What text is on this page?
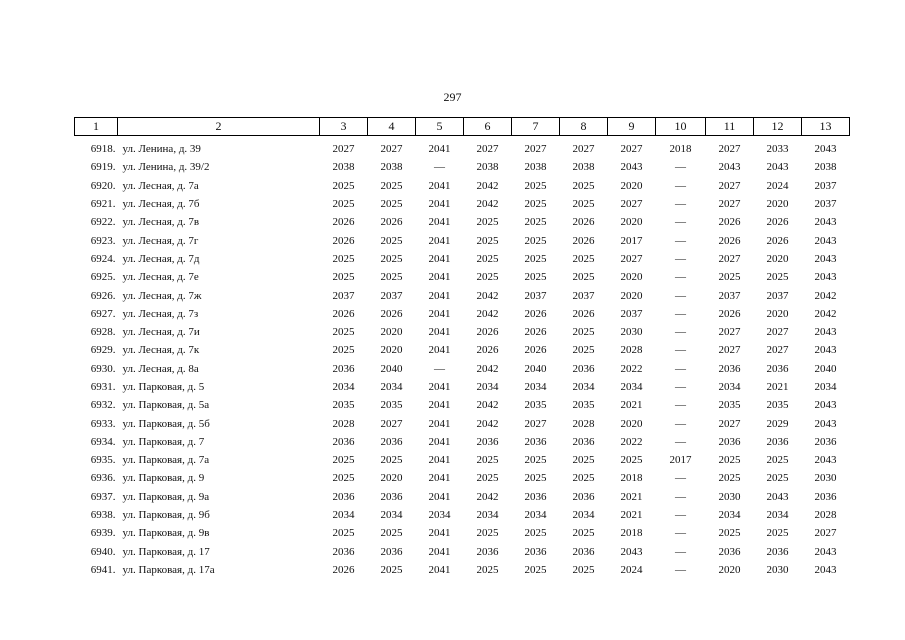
297
1	2	3	4	5	6	7	8	9	10	11	12	13
6918.	ул. Ленина, д. 39	2027	2027	2041	2027	2027	2027	2027	2018	2027	2033	2043
6919.	ул. Ленина, д. 39/2	2038	2038	—	2038	2038	2038	2043	—	2043	2043	2038
6920.	ул. Лесная, д. 7а	2025	2025	2041	2042	2025	2025	2020	—	2027	2024	2037
6921.	ул. Лесная, д. 7б	2025	2025	2041	2042	2025	2025	2027	—	2027	2020	2037
6922.	ул. Лесная, д. 7в	2026	2026	2041	2025	2025	2026	2020	—	2026	2026	2043
6923.	ул. Лесная, д. 7г	2026	2025	2041	2025	2025	2026	2017	—	2026	2026	2043
6924.	ул. Лесная, д. 7д	2025	2025	2041	2025	2025	2025	2027	—	2027	2020	2043
6925.	ул. Лесная, д. 7е	2025	2025	2041	2025	2025	2025	2020	—	2025	2025	2043
6926.	ул. Лесная, д. 7ж	2037	2037	2041	2042	2037	2037	2020	—	2037	2037	2042
6927.	ул. Лесная, д. 7з	2026	2026	2041	2042	2026	2026	2037	—	2026	2020	2042
6928.	ул. Лесная, д. 7и	2025	2020	2041	2026	2026	2025	2030	—	2027	2027	2043
6929.	ул. Лесная, д. 7к	2025	2020	2041	2026	2026	2025	2028	—	2027	2027	2043
6930.	ул. Лесная, д. 8а	2036	2040	—	2042	2040	2036	2022	—	2036	2036	2040
6931.	ул. Парковая, д. 5	2034	2034	2041	2034	2034	2034	2034	—	2034	2021	2034
6932.	ул. Парковая, д. 5а	2035	2035	2041	2042	2035	2035	2021	—	2035	2035	2043
6933.	ул. Парковая, д. 5б	2028	2027	2041	2042	2027	2028	2020	—	2027	2029	2043
6934.	ул. Парковая, д. 7	2036	2036	2041	2036	2036	2036	2022	—	2036	2036	2036
6935.	ул. Парковая, д. 7а	2025	2025	2041	2025	2025	2025	2025	2017	2025	2025	2043
6936.	ул. Парковая, д. 9	2025	2020	2041	2025	2025	2025	2018	—	2025	2025	2030
6937.	ул. Парковая, д. 9а	2036	2036	2041	2042	2036	2036	2021	—	2030	2043	2036
6938.	ул. Парковая, д. 9б	2034	2034	2034	2034	2034	2034	2021	—	2034	2034	2028
6939.	ул. Парковая, д. 9в	2025	2025	2041	2025	2025	2025	2018	—	2025	2025	2027
6940.	ул. Парковая, д. 17	2036	2036	2041	2036	2036	2036	2043	—	2036	2036	2043
6941.	ул. Парковая, д. 17а	2026	2025	2041	2025	2025	2025	2024	—	2020	2030	2043
